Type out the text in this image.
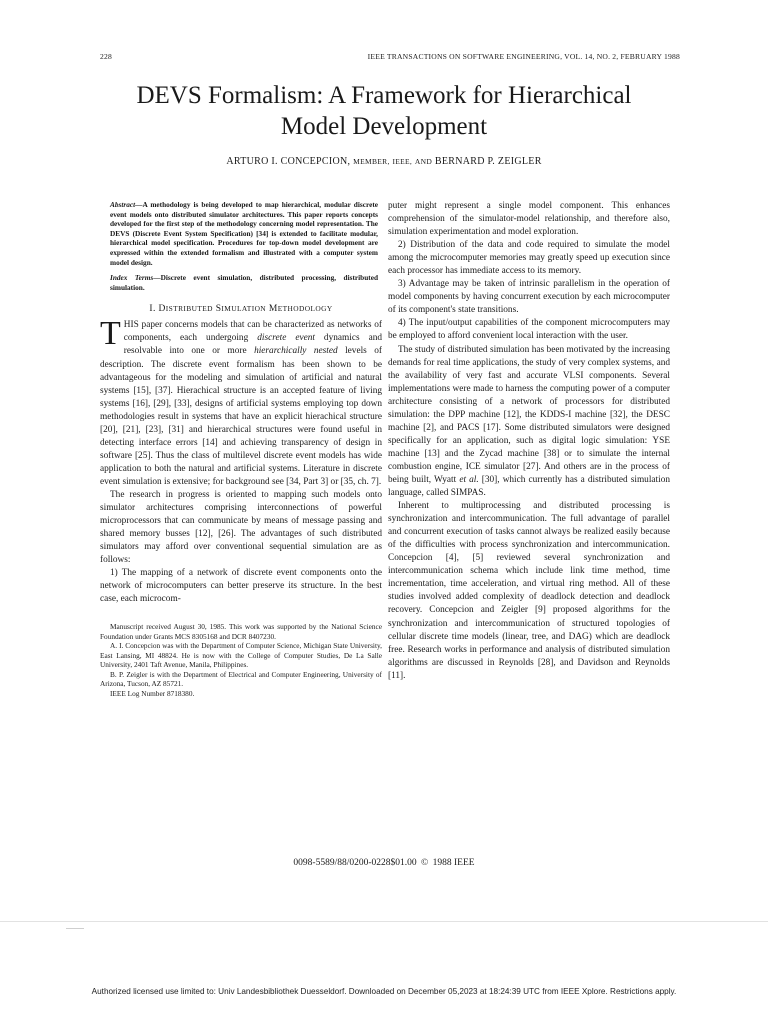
228	IEEE TRANSACTIONS ON SOFTWARE ENGINEERING, VOL. 14, NO. 2, FEBRUARY 1988
DEVS Formalism: A Framework for Hierarchical
Model Development
ARTURO I. CONCEPCION, MEMBER, IEEE, AND BERNARD P. ZEIGLER

Abstract—A methodology is being developed to map hierarchical, modular discrete event models onto distributed simulator architectures. This paper reports concepts developed for the first step of the methodology concerning model representation. The DEVS (Discrete Event System Specification) [34] is extended to facilitate modular, hierarchical model specification. Procedures for top-down model development are expressed within the extended formalism and illustrated with a computer system model design.

Index Terms—Discrete event simulation, distributed processing, distributed simulation.

I. DISTRIBUTED SIMULATION METHODOLOGY

THIS paper concerns models that can be characterized as networks of components, each undergoing discrete event dynamics and resolvable into one or more hierarchically nested levels of description. The discrete event formalism has been shown to be advantageous for the modeling and simulation of artificial and natural systems [15], [37]. Hierachical structure is an accepted feature of living systems [16], [29], [33], designs of artificial systems employing top down methodologies result in systems that have an explicit hierachical structure [20], [21], [23], [31] and hierarchical structures were found useful in detecting interface errors [14] and achieving transparency of design in software [25]. Thus the class of multilevel discrete event models has wide application to both the natural and artificial systems. Literature in discrete event simulation is extensive; for background see [34, Part 3] or [35, ch. 7].

The research in progress is oriented to mapping such models onto simulator architectures comprising interconnections of powerful microprocessors that can communicate by means of message passing and shared memory busses [12], [26]. The advantages of such distributed simulators may afford over conventional sequential simulation are as follows:

1) The mapping of a network of discrete event components onto the network of microcomputers can better preserve its structure. In the best case, each microcom-

Manuscript received August 30, 1985. This work was supported by the National Science Foundation under Grants MCS 8305168 and DCR 8407230.

A. I. Concepcion was with the Department of Computer Science, Michigan State University, East Lansing, MI 48824. He is now with the College of Computer Studies, De La Salle University, 2401 Taft Avenue, Manila, Philippines.

B. P. Zeigler is with the Department of Electrical and Computer Engineering, University of Arizona, Tucson, AZ 85721.

IEEE Log Number 8718380.

puter might represent a single model component. This enhances comprehension of the simulator-model relationship, and therefore also, simulation experimentation and model exploration.

2) Distribution of the data and code required to simulate the model among the microcomputer memories may greatly speed up execution since each processor has immediate access to its memory.

3) Advantage may be taken of intrinsic parallelism in the operation of model components by having concurrent execution by each microcomputer of its component's state transitions.

4) The input/output capabilities of the component microcomputers may be employed to afford convenient local interaction with the user.

The study of distributed simulation has been motivated by the increasing demands for real time applications, the study of very complex systems, and the availability of very fast and accurate VLSI components. Several implementations were made to harness the computing power of a computer architecture consisting of a network of processors for distributed simulation: the DPP machine [12], the KDDS-I machine [32], the DESC machine [2], and PACS [17]. Some distributed simulators were designed specifically for an application, such as digital logic simulation: YSE machine [13] and the Zycad machine [38] or to simulate the internal combustion engine, ICE simulator [27]. And others are in the process of being built, Wyatt et al. [30], which currently has a distributed simulation language, called SIMPAS.

Inherent to multiprocessing and distributed processing is synchronization and intercommunication. The full advantage of parallel and concurrent execution of tasks cannot always be realized easily because of the difficulties with process synchronization and intercommunication. Concepcion [4], [5] reviewed several synchronization and intercommunication schema which include link time method, time incrementation, time acceleration, and virtual ring method. All of these studies involved added complexity of deadlock detection and deadlock recovery. Concepcion and Zeigler [9] proposed algorithms for the synchronization and intercommunication of structured topologies of cellular discrete time models (linear, tree, and DAG) which are deadlock free. Research works in performance and analysis of distributed simulation algorithms are discussed in Reynolds [28], and Davidson and Reynolds [11].

0098-5589/88/0200-0228$01.00 © 1988 IEEE
Authorized licensed use limited to: Univ Landesbibliothek Duesseldorf. Downloaded on December 05,2023 at 18:24:39 UTC from IEEE Xplore. Restrictions apply.
